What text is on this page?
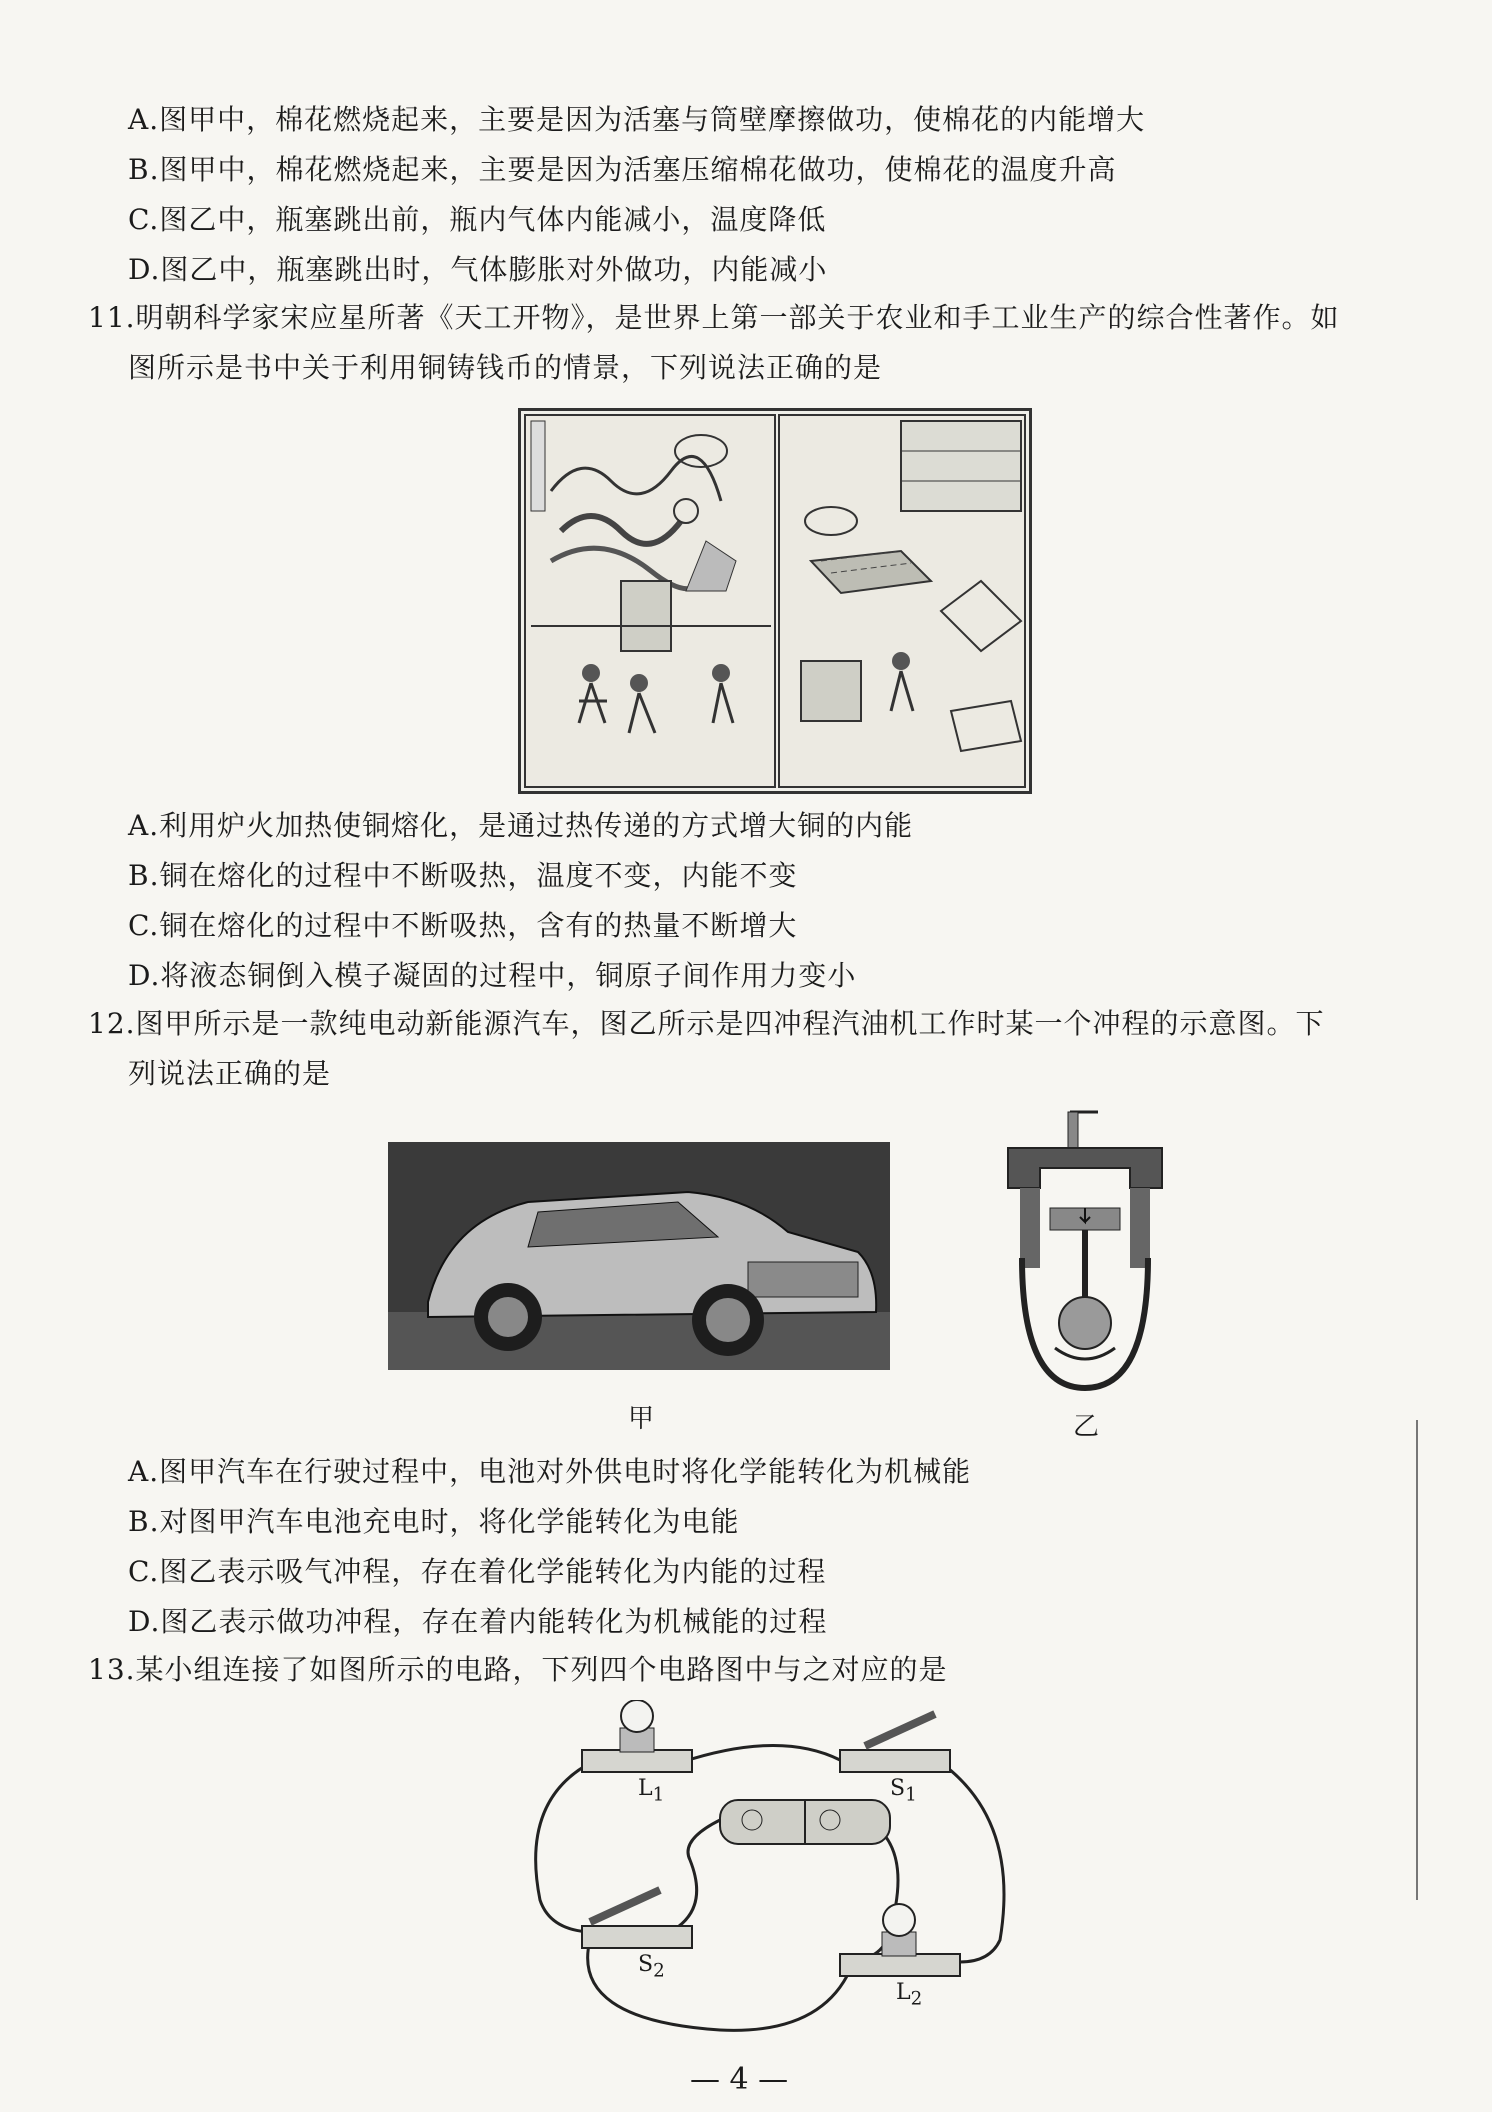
A.图甲中，棉花燃烧起来，主要是因为活塞与筒壁摩擦做功，使棉花的内能增大
B.图甲中，棉花燃烧起来，主要是因为活塞压缩棉花做功，使棉花的温度升高
C.图乙中，瓶塞跳出前，瓶内气体内能减小，温度降低
D.图乙中，瓶塞跳出时，气体膨胀对外做功，内能减小
11.明朝科学家宋应星所著《天工开物》，是世界上第一部关于农业和手工业生产的综合性著作。如
图所示是书中关于利用铜铸钱币的情景，下列说法正确的是
A.利用炉火加热使铜熔化，是通过热传递的方式增大铜的内能
B.铜在熔化的过程中不断吸热，温度不变，内能不变
C.铜在熔化的过程中不断吸热，含有的热量不断增大
D.将液态铜倒入模子凝固的过程中，铜原子间作用力变小
12.图甲所示是一款纯电动新能源汽车，图乙所示是四冲程汽油机工作时某一个冲程的示意图。下
列说法正确的是
甲	乙
A.图甲汽车在行驶过程中，电池对外供电时将化学能转化为机械能
B.对图甲汽车电池充电时，将化学能转化为电能
C.图乙表示吸气冲程，存在着化学能转化为内能的过程
D.图乙表示做功冲程，存在着内能转化为机械能的过程
13.某小组连接了如图所示的电路，下列四个电路图中与之对应的是
$L_1$	$S_1$
$S_2$
$L_2$
— 4 —
